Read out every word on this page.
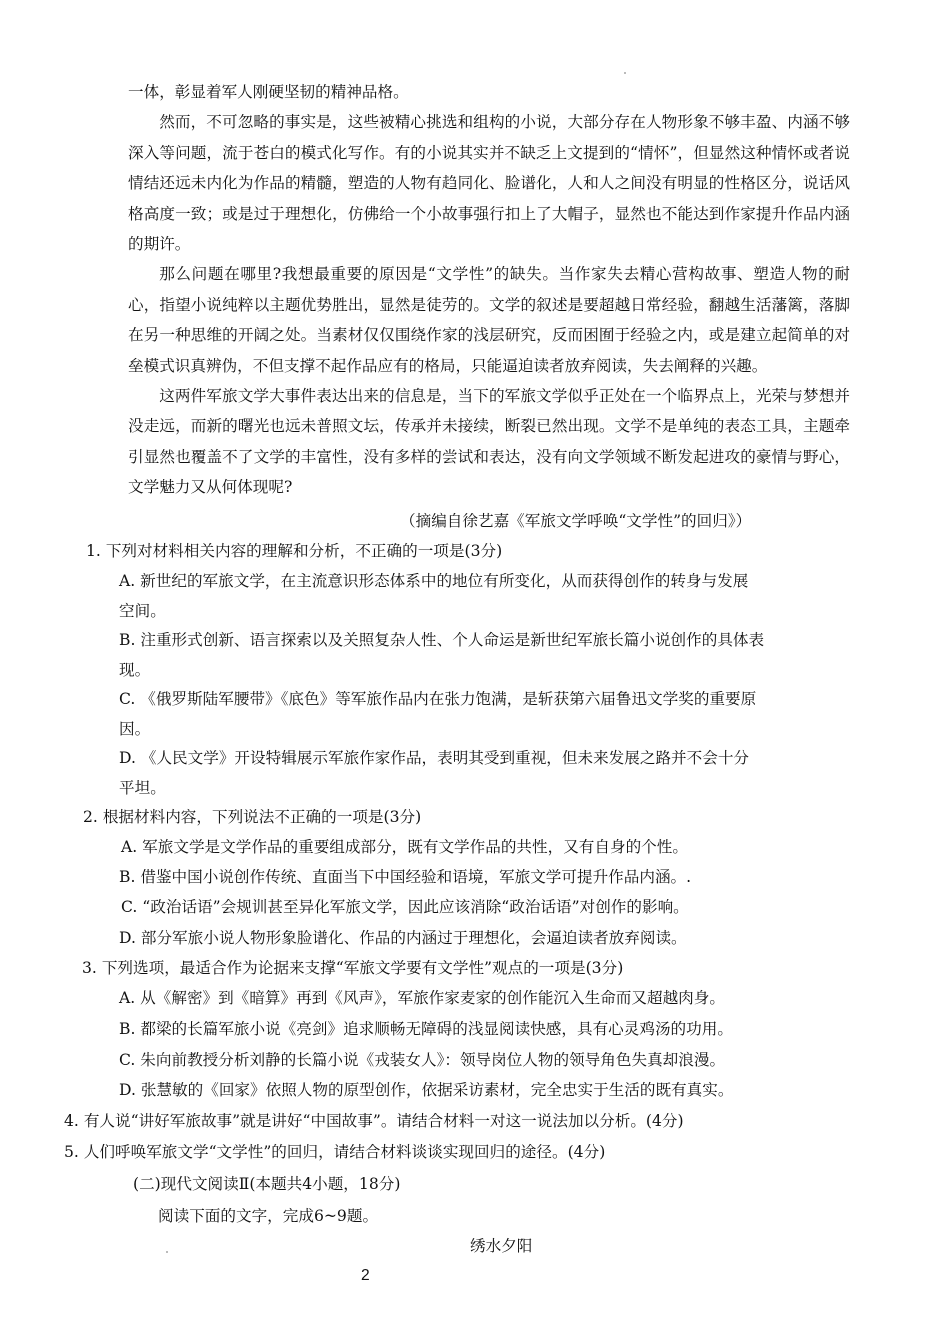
一体，彰显着军人刚硬坚韧的精神品格。

然而，不可忽略的事实是，这些被精心挑选和组构的小说，大部分存在人物形象不够丰盈、内涵不够深入等问题，流于苍白的模式化写作。有的小说其实并不缺乏上文提到的“情怀”，但显然这种情怀或者说情结还远未内化为作品的精髓，塑造的人物有趋同化、脸谱化，人和人之间没有明显的性格区分，说话风格高度一致；或是过于理想化，仿佛给一个小故事强行扣上了大帽子，显然也不能达到作家提升作品内涵的期许。

那么问题在哪里?我想最重要的原因是“文学性”的缺失。当作家失去精心营构故事、塑造人物的耐心，指望小说纯粹以主题优势胜出，显然是徒劳的。文学的叙述是要超越日常经验，翻越生活藩篱，落脚在另一种思维的开阔之处。当素材仅仅围绕作家的浅层研究，反而困囿于经验之内，或是建立起简单的对垒模式识真辨伪，不但支撑不起作品应有的格局，只能逼迫读者放弃阅读，失去阐释的兴趣。

这两件军旅文学大事件表达出来的信息是，当下的军旅文学似乎正处在一个临界点上，光荣与梦想并没走远，而新的曙光也远未普照文坛，传承并未接续，断裂已然出现。文学不是单纯的表态工具，主题牵引显然也覆盖不了文学的丰富性，没有多样的尝试和表达，没有向文学领域不断发起进攻的豪情与野心，文学魅力又从何体现呢?

（摘编自徐艺嘉《军旅文学呼唤“文学性”的回归》）
1. 下列对材料相关内容的理解和分析，不正确的一项是(3分)
A. 新世纪的军旅文学，在主流意识形态体系中的地位有所变化，从而获得创作的转身与发展
空间。
B. 注重形式创新、语言探索以及关照复杂人性、个人命运是新世纪军旅长篇小说创作的具体表
现。
C. 《俄罗斯陆军腰带》《底色》等军旅作品内在张力饱满，是斩获第六届鲁迅文学奖的重要原
因。
D. 《人民文学》开设特辑展示军旅作家作品，表明其受到重视，但未来发展之路并不会十分
平坦。
2. 根据材料内容，下列说法不正确的一项是(3分)
A. 军旅文学是文学作品的重要组成部分，既有文学作品的共性，又有自身的个性。
B. 借鉴中国小说创作传统、直面当下中国经验和语境，军旅文学可提升作品内涵。.
C. “政治话语”会规训甚至异化军旅文学，因此应该消除“政治话语”对创作的影响。
D. 部分军旅小说人物形象脸谱化、作品的内涵过于理想化，会逼迫读者放弃阅读。
3. 下列选项，最适合作为论据来支撑“军旅文学要有文学性”观点的一项是(3分)
A. 从《解密》到《暗算》再到《风声》，军旅作家麦家的创作能沉入生命而又超越肉身。
B. 都梁的长篇军旅小说《亮剑》追求顺畅无障碍的浅显阅读快感，具有心灵鸡汤的功用。
C. 朱向前教授分析刘静的长篇小说《戎装女人》：领导岗位人物的领导角色失真却浪漫。
D. 张慧敏的《回家》依照人物的原型创作，依据采访素材，完全忠实于生活的既有真实。
4. 有人说“讲好军旅故事”就是讲好“中国故事”。请结合材料一对这一说法加以分析。(4分)
5. 人们呼唤军旅文学“文学性”的回归，请结合材料谈谈实现回归的途径。(4分)
(二)现代文阅读Ⅱ(本题共4小题，18分)
阅读下面的文字，完成6~9题。
绣水夕阳
2
